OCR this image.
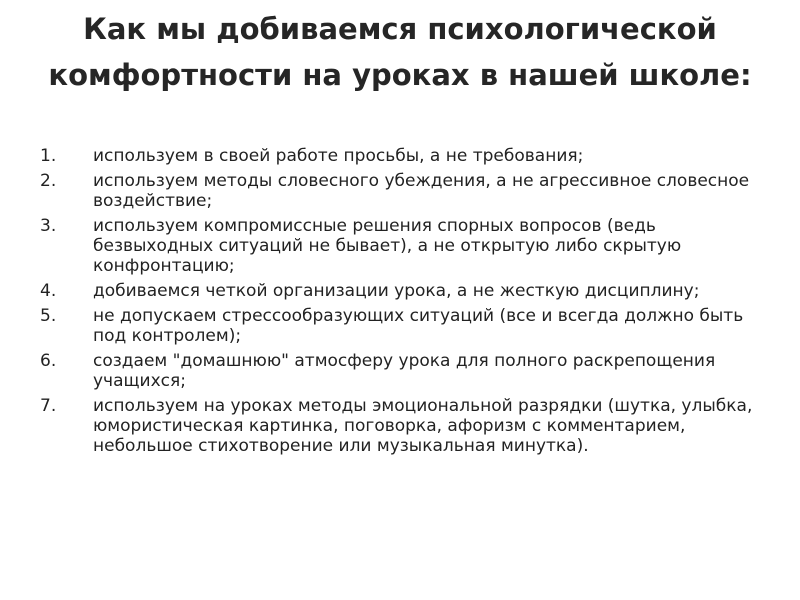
Как мы добиваемся психологической комфортности на уроках в нашей школе:
1.	используем в своей работе просьбы, а не требования;
2.	используем методы словесного убеждения, а не агрессивное словесное воздействие;
3.	используем компромиссные решения спорных вопросов (ведь безвыходных ситуаций не бывает), а не открытую либо скрытую конфронтацию;
4.	добиваемся четкой организации урока, а не жесткую дисциплину;
5.	не допускаем стрессообразующих ситуаций (все и всегда должно быть под контролем);
6.	создаем "домашнюю" атмосферу урока для полного раскрепощения учащихся;
7.	используем на уроках методы эмоциональной разрядки (шутка, улыбка, юмористическая картинка, поговорка, афоризм с комментарием, небольшое стихотворение или музыкальная минутка).
